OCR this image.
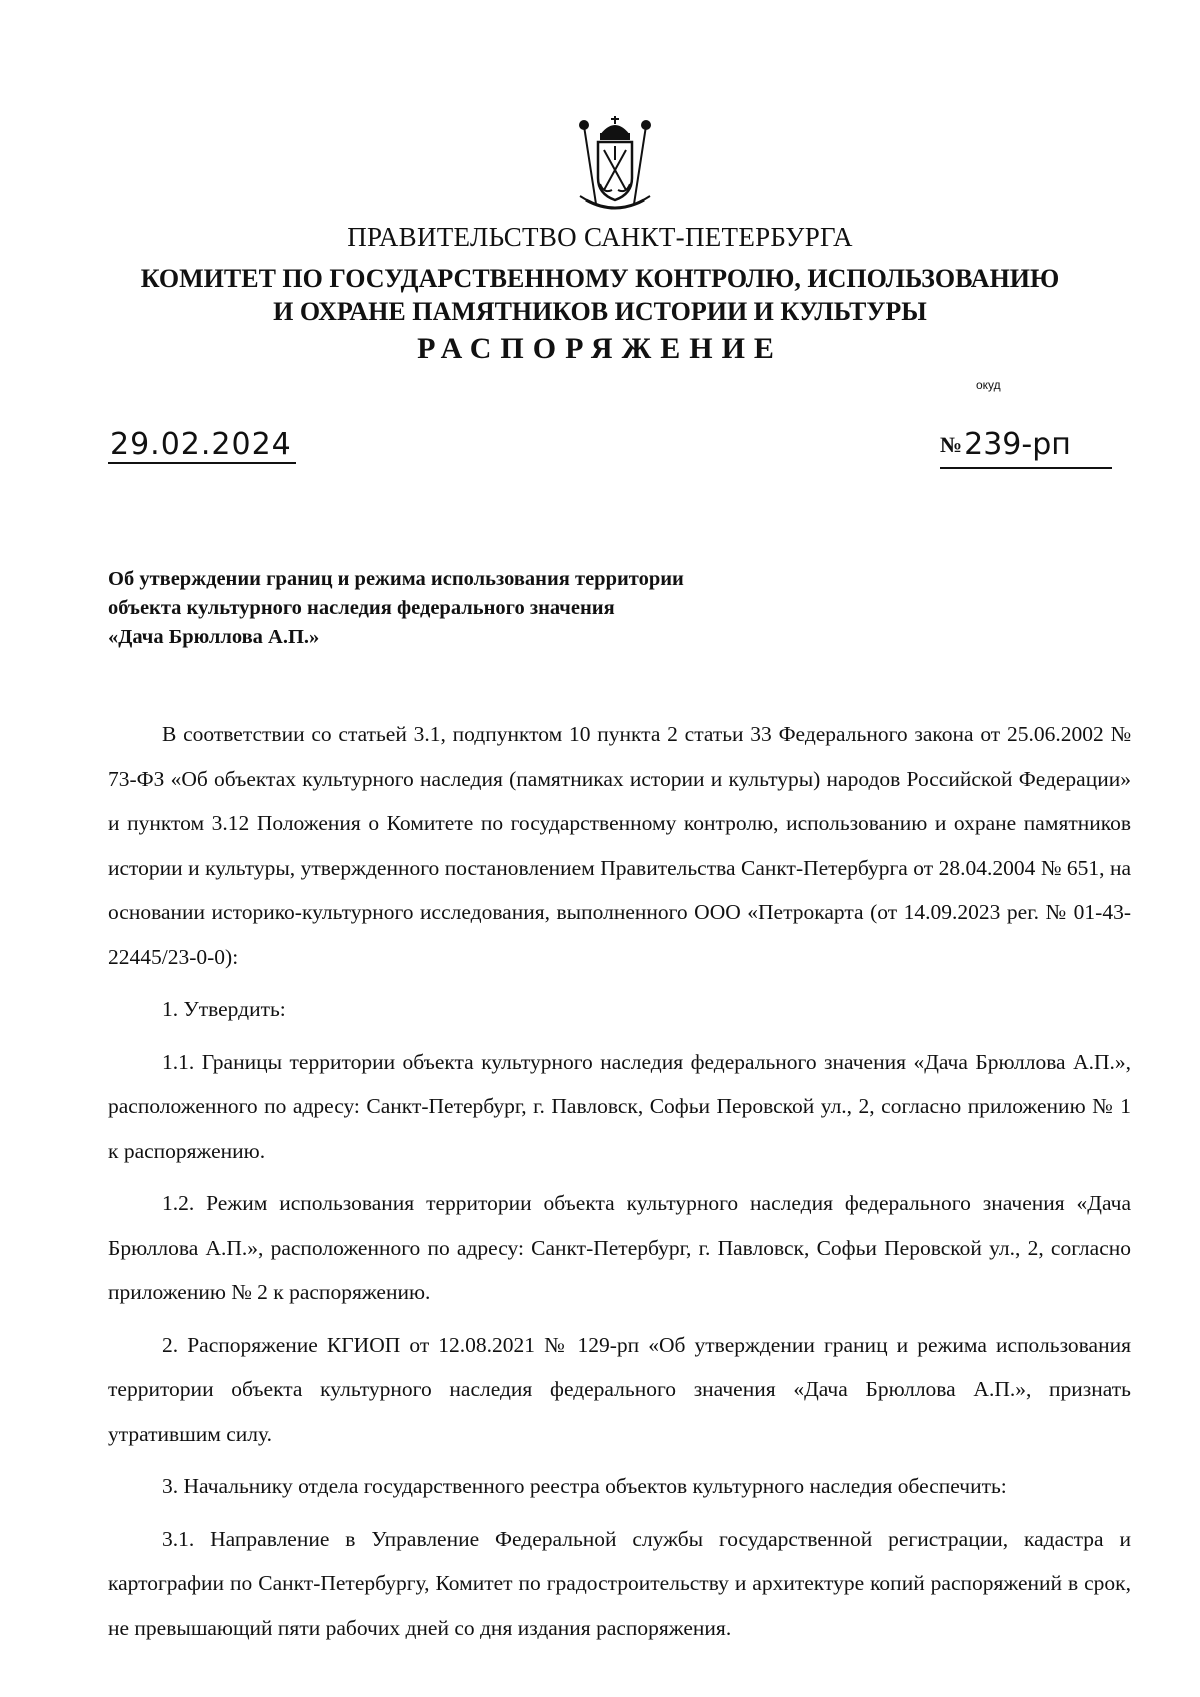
ПРАВИТЕЛЬСТВО САНКТ-ПЕТЕРБУРГА
КОМИТЕТ ПО ГОСУДАРСТВЕННОМУ КОНТРОЛЮ, ИСПОЛЬЗОВАНИЮ
И ОХРАНЕ ПАМЯТНИКОВ ИСТОРИИ И КУЛЬТУРЫ
РАСПОРЯЖЕНИЕ
окуд
29.02.2024	№239-рп
Об утверждении границ и режима использования территории
объекта культурного наследия федерального значения
«Дача Брюллова А.П.»

В соответствии со статьей 3.1, подпунктом 10 пункта 2 статьи 33 Федерального закона от 25.06.2002 № 73-ФЗ «Об объектах культурного наследия (памятниках истории и культуры) народов Российской Федерации» и пунктом 3.12 Положения о Комитете по государственному контролю, использованию и охране памятников истории и культуры, утвержденного постановлением Правительства Санкт-Петербурга от 28.04.2004 № 651, на основании историко-культурного исследования, выполненного ООО «Петрокарта (от 14.09.2023 рег. № 01-43-22445/23-0-0):

1. Утвердить:

1.1. Границы территории объекта культурного наследия федерального значения «Дача Брюллова А.П.», расположенного по адресу: Санкт-Петербург, г. Павловск, Софьи Перовской ул., 2, согласно приложению № 1 к распоряжению.

1.2. Режим использования территории объекта культурного наследия федерального значения «Дача Брюллова А.П.», расположенного по адресу: Санкт-Петербург, г. Павловск, Софьи Перовской ул., 2, согласно приложению № 2 к распоряжению.

2. Распоряжение КГИОП от 12.08.2021 № 129-рп «Об утверждении границ и режима использования территории объекта культурного наследия федерального значения «Дача Брюллова А.П.», признать утратившим силу.

3. Начальнику отдела государственного реестра объектов культурного наследия обеспечить:

3.1. Направление в Управление Федеральной службы государственной регистрации, кадастра и картографии по Санкт-Петербургу, Комитет по градостроительству и архитектуре копий распоряжений в срок, не превышающий пяти рабочих дней со дня издания распоряжения.
